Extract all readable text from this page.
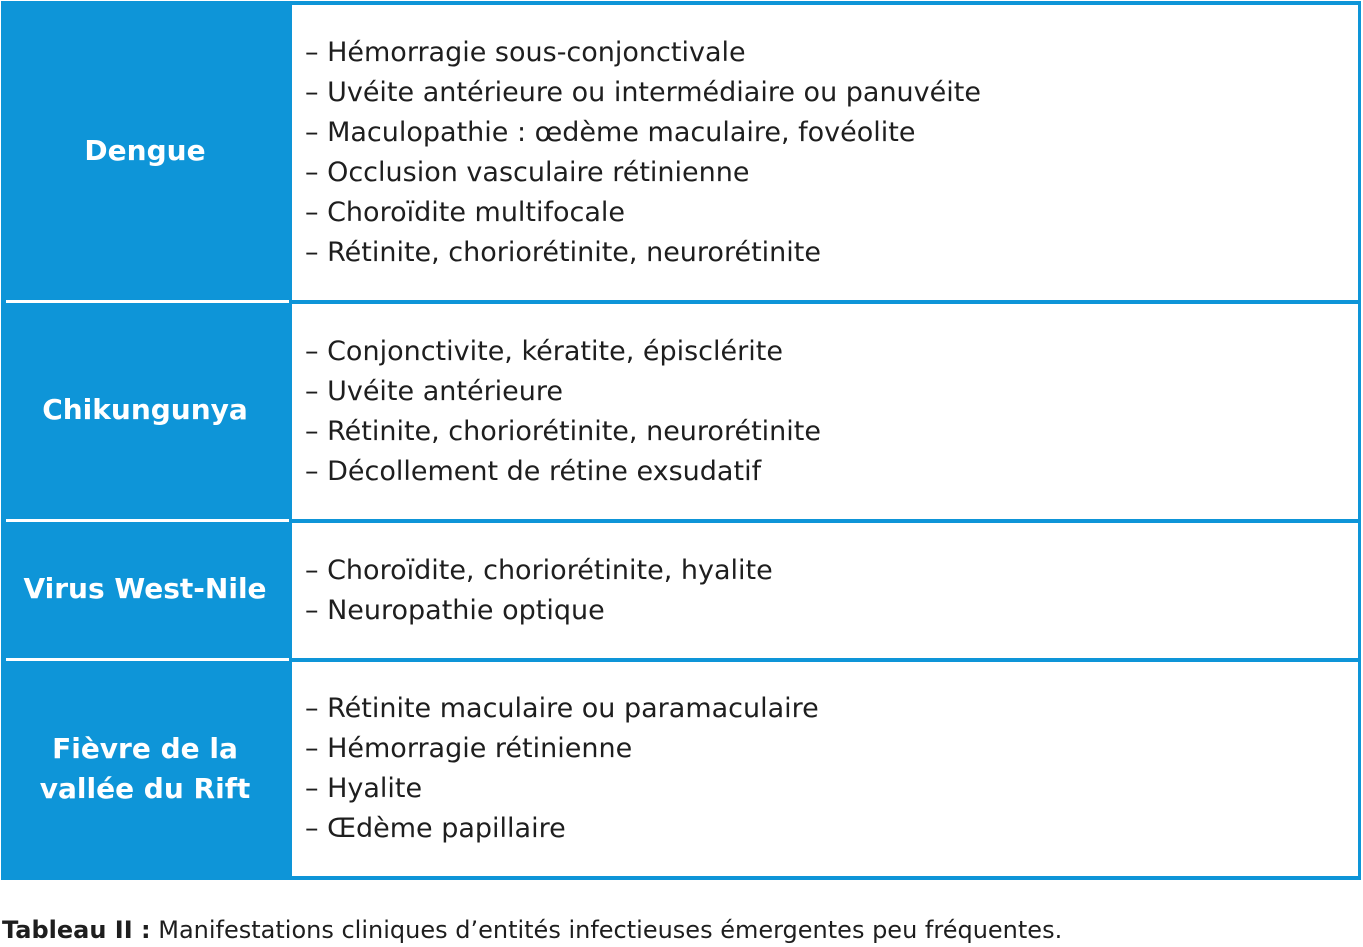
Dengue
– Hémorragie sous-conjonctivale
– Uvéite antérieure ou intermédiaire ou panuvéite
– Maculopathie : œdème maculaire, fovéolite
– Occlusion vasculaire rétinienne
– Choroïdite multifocale
– Rétinite, choriorétinite, neurorétinite
Chikungunya
– Conjonctivite, kératite, épisclérite
– Uvéite antérieure
– Rétinite, choriorétinite, neurorétinite
– Décollement de rétine exsudatif
Virus West-Nile
– Choroïdite, choriorétinite, hyalite
– Neuropathie optique
Fièvre de la
vallée du Rift
– Rétinite maculaire ou paramaculaire
– Hémorragie rétinienne
– Hyalite
– Œdème papillaire
Tableau II : Manifestations cliniques d’entités infectieuses émergentes peu fréquentes.
